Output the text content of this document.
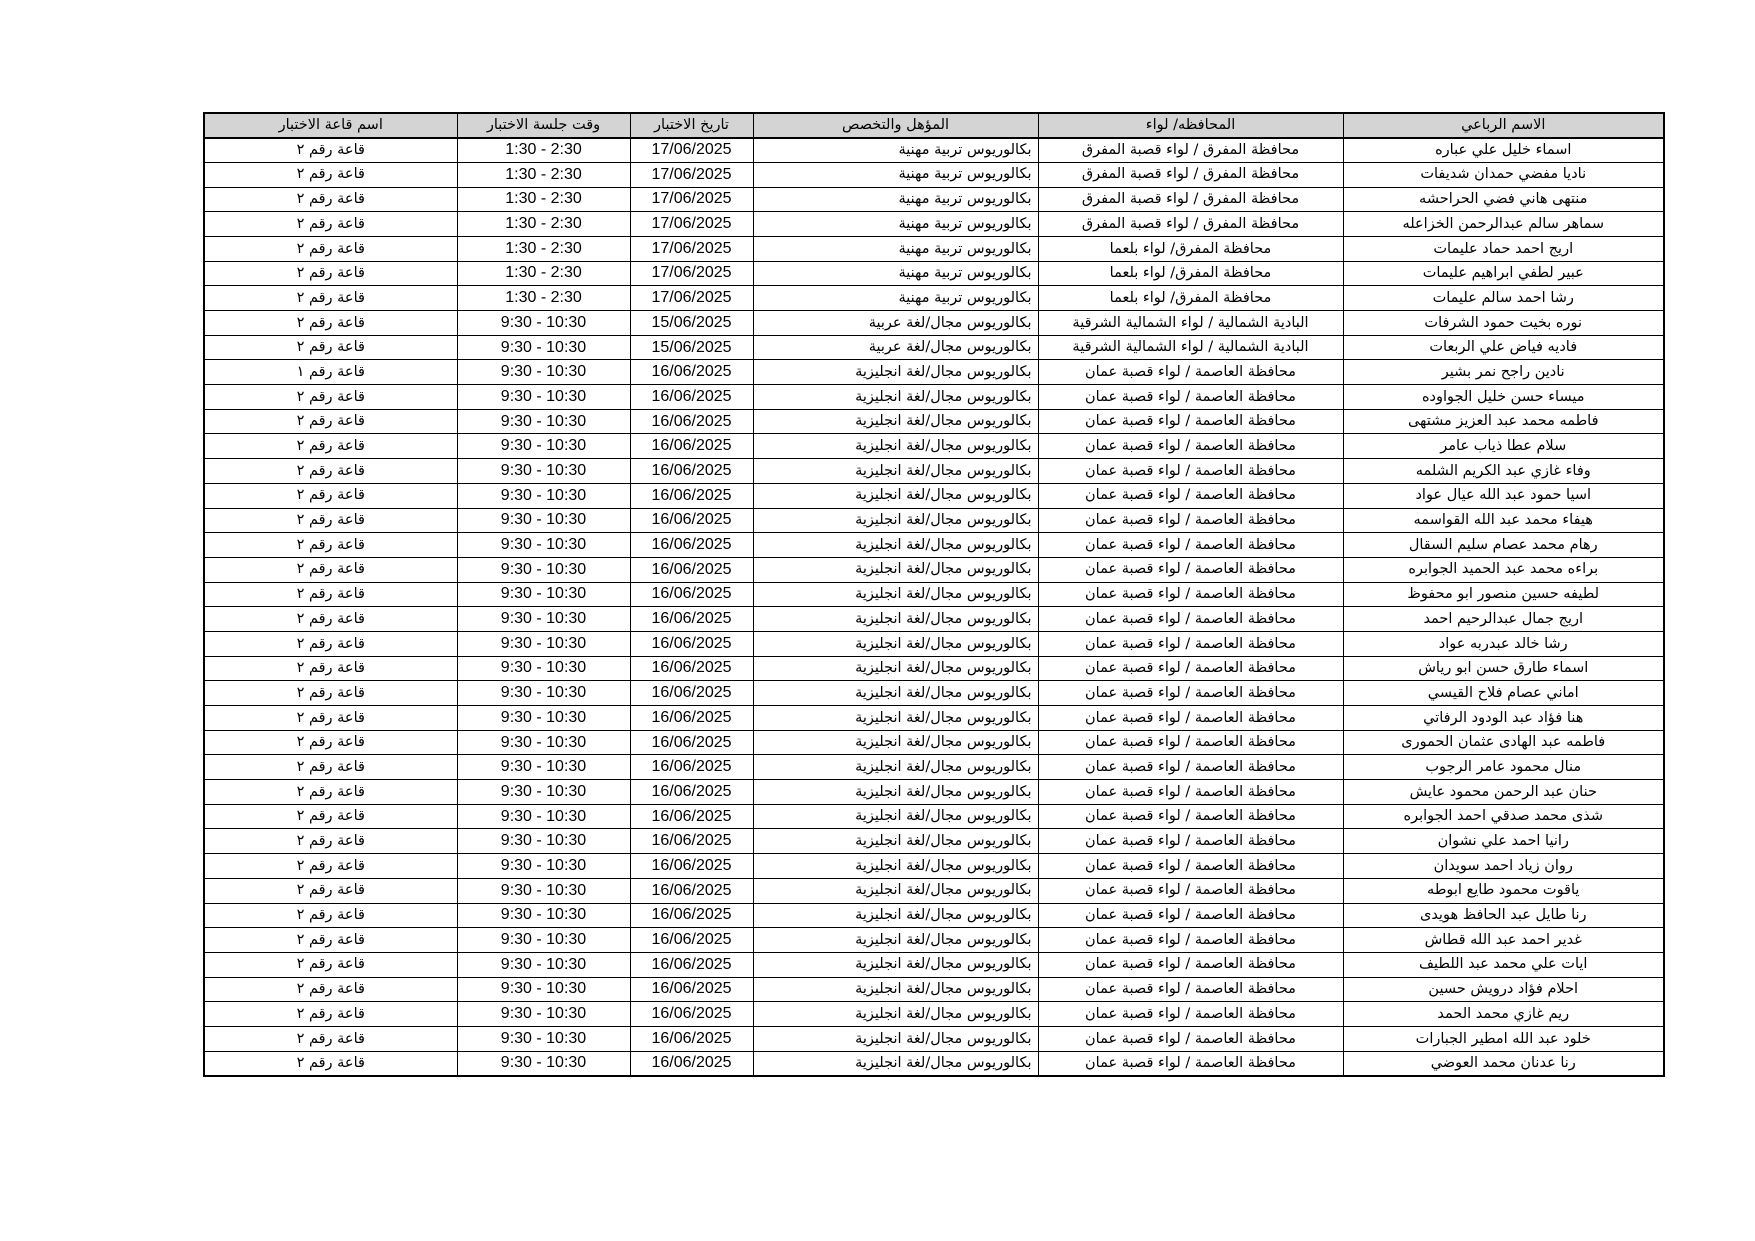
اسم قاعة الاختبار	وقت جلسة الاختبار	تاريخ الاختبار	المؤهل والتخصص	المحافظه/ لواء	الاسم الرباعي
قاعة رقم ٢	1:30 - 2:30	17/06/2025	بكالوريوس تربية مهنية	محافظة المفرق / لواء قصبة المفرق	اسماء خليل علي عباره
قاعة رقم ٢	1:30 - 2:30	17/06/2025	بكالوريوس تربية مهنية	محافظة المفرق / لواء قصبة المفرق	ناديا مفضي حمدان شديفات
قاعة رقم ٢	1:30 - 2:30	17/06/2025	بكالوريوس تربية مهنية	محافظة المفرق / لواء قصبة المفرق	منتهى هاني فضي الحراحشه
قاعة رقم ٢	1:30 - 2:30	17/06/2025	بكالوريوس تربية مهنية	محافظة المفرق / لواء قصبة المفرق	سماهر سالم عبدالرحمن الخزاعله
قاعة رقم ٢	1:30 - 2:30	17/06/2025	بكالوريوس تربية مهنية	محافظة المفرق/ لواء بلعما	اريج احمد حماد عليمات
قاعة رقم ٢	1:30 - 2:30	17/06/2025	بكالوريوس تربية مهنية	محافظة المفرق/ لواء بلعما	عبير لطفي ابراهيم عليمات
قاعة رقم ٢	1:30 - 2:30	17/06/2025	بكالوريوس تربية مهنية	محافظة المفرق/ لواء بلعما	رشا احمد سالم عليمات
قاعة رقم ٢	9:30 - 10:30	15/06/2025	بكالوريوس مجال/لغة عربية	البادية الشمالية / لواء الشمالية الشرقية	نوره بخيت حمود الشرفات
قاعة رقم ٢	9:30 - 10:30	15/06/2025	بكالوريوس مجال/لغة عربية	البادية الشمالية / لواء الشمالية الشرقية	فاديه فياض علي الربعات
قاعة رقم ١	9:30 - 10:30	16/06/2025	بكالوريوس مجال/لغة انجليزية	محافظة العاصمة / لواء قصبة عمان	نادين راجح نمر بشير
قاعة رقم ٢	9:30 - 10:30	16/06/2025	بكالوريوس مجال/لغة انجليزية	محافظة العاصمة / لواء قصبة عمان	ميساء حسن خليل الجواوده
قاعة رقم ٢	9:30 - 10:30	16/06/2025	بكالوريوس مجال/لغة انجليزية	محافظة العاصمة / لواء قصبة عمان	فاطمه محمد عبد العزيز مشتهى
قاعة رقم ٢	9:30 - 10:30	16/06/2025	بكالوريوس مجال/لغة انجليزية	محافظة العاصمة / لواء قصبة عمان	سلام عطا ذياب عامر
قاعة رقم ٢	9:30 - 10:30	16/06/2025	بكالوريوس مجال/لغة انجليزية	محافظة العاصمة / لواء قصبة عمان	وفاء غازي عبد الكريم الشلمه
قاعة رقم ٢	9:30 - 10:30	16/06/2025	بكالوريوس مجال/لغة انجليزية	محافظة العاصمة / لواء قصبة عمان	اسيا حمود عبد الله عيال عواد
قاعة رقم ٢	9:30 - 10:30	16/06/2025	بكالوريوس مجال/لغة انجليزية	محافظة العاصمة / لواء قصبة عمان	هيفاء محمد عبد الله القواسمه
قاعة رقم ٢	9:30 - 10:30	16/06/2025	بكالوريوس مجال/لغة انجليزية	محافظة العاصمة / لواء قصبة عمان	رهام محمد عصام سليم السقال
قاعة رقم ٢	9:30 - 10:30	16/06/2025	بكالوريوس مجال/لغة انجليزية	محافظة العاصمة / لواء قصبة عمان	براءه محمد عبد الحميد الجوابره
قاعة رقم ٢	9:30 - 10:30	16/06/2025	بكالوريوس مجال/لغة انجليزية	محافظة العاصمة / لواء قصبة عمان	لطيفه حسين منصور ابو محفوظ
قاعة رقم ٢	9:30 - 10:30	16/06/2025	بكالوريوس مجال/لغة انجليزية	محافظة العاصمة / لواء قصبة عمان	اريج جمال عبدالرحيم احمد
قاعة رقم ٢	9:30 - 10:30	16/06/2025	بكالوريوس مجال/لغة انجليزية	محافظة العاصمة / لواء قصبة عمان	رشا خالد عبدربه عواد
قاعة رقم ٢	9:30 - 10:30	16/06/2025	بكالوريوس مجال/لغة انجليزية	محافظة العاصمة / لواء قصبة عمان	اسماء طارق حسن ابو رياش
قاعة رقم ٢	9:30 - 10:30	16/06/2025	بكالوريوس مجال/لغة انجليزية	محافظة العاصمة / لواء قصبة عمان	اماني عصام فلاح القيسي
قاعة رقم ٢	9:30 - 10:30	16/06/2025	بكالوريوس مجال/لغة انجليزية	محافظة العاصمة / لواء قصبة عمان	هنا فؤاد عبد الودود الرفاتي
قاعة رقم ٢	9:30 - 10:30	16/06/2025	بكالوريوس مجال/لغة انجليزية	محافظة العاصمة / لواء قصبة عمان	فاطمه عبد الهادى عثمان الحمورى
قاعة رقم ٢	9:30 - 10:30	16/06/2025	بكالوريوس مجال/لغة انجليزية	محافظة العاصمة / لواء قصبة عمان	منال محمود عامر الرجوب
قاعة رقم ٢	9:30 - 10:30	16/06/2025	بكالوريوس مجال/لغة انجليزية	محافظة العاصمة / لواء قصبة عمان	حنان عبد الرحمن محمود عايش
قاعة رقم ٢	9:30 - 10:30	16/06/2025	بكالوريوس مجال/لغة انجليزية	محافظة العاصمة / لواء قصبة عمان	شذى محمد صدقي احمد الجوابره
قاعة رقم ٢	9:30 - 10:30	16/06/2025	بكالوريوس مجال/لغة انجليزية	محافظة العاصمة / لواء قصبة عمان	رانيا احمد علي نشوان
قاعة رقم ٢	9:30 - 10:30	16/06/2025	بكالوريوس مجال/لغة انجليزية	محافظة العاصمة / لواء قصبة عمان	روان زياد احمد سويدان
قاعة رقم ٢	9:30 - 10:30	16/06/2025	بكالوريوس مجال/لغة انجليزية	محافظة العاصمة / لواء قصبة عمان	ياقوت محمود طايع ابوطه
قاعة رقم ٢	9:30 - 10:30	16/06/2025	بكالوريوس مجال/لغة انجليزية	محافظة العاصمة / لواء قصبة عمان	رنا طايل عبد الحافظ هويدى
قاعة رقم ٢	9:30 - 10:30	16/06/2025	بكالوريوس مجال/لغة انجليزية	محافظة العاصمة / لواء قصبة عمان	غدير احمد عبد الله قطاش
قاعة رقم ٢	9:30 - 10:30	16/06/2025	بكالوريوس مجال/لغة انجليزية	محافظة العاصمة / لواء قصبة عمان	ايات علي محمد عبد اللطيف
قاعة رقم ٢	9:30 - 10:30	16/06/2025	بكالوريوس مجال/لغة انجليزية	محافظة العاصمة / لواء قصبة عمان	احلام فؤاد درويش حسين
قاعة رقم ٢	9:30 - 10:30	16/06/2025	بكالوريوس مجال/لغة انجليزية	محافظة العاصمة / لواء قصبة عمان	ريم غازي محمد الحمد
قاعة رقم ٢	9:30 - 10:30	16/06/2025	بكالوريوس مجال/لغة انجليزية	محافظة العاصمة / لواء قصبة عمان	خلود عبد الله امطير الجبارات
قاعة رقم ٢	9:30 - 10:30	16/06/2025	بكالوريوس مجال/لغة انجليزية	محافظة العاصمة / لواء قصبة عمان	رنا عدنان محمد العوضي
